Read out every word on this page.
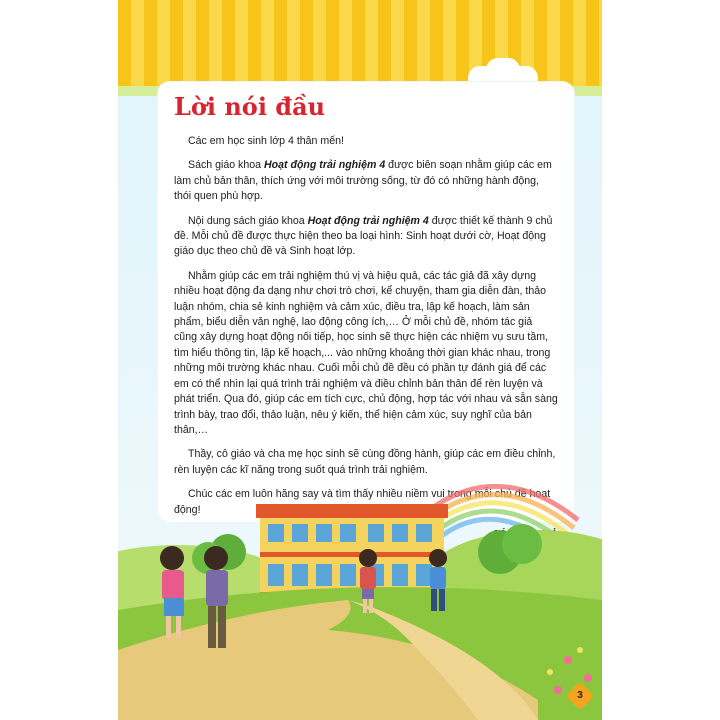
Lời nói đầu

Các em học sinh lớp 4 thân mến!

Sách giáo khoa Hoạt động trải nghiệm 4 được biên soạn nhằm giúp các em làm chủ bản thân, thích ứng với môi trường sống, từ đó có những hành động, thói quen phù hợp.

Nội dung sách giáo khoa Hoạt động trải nghiệm 4 được thiết kế thành 9 chủ đề. Mỗi chủ đề được thực hiện theo ba loại hình: Sinh hoạt dưới cờ, Hoạt động giáo dục theo chủ đề và Sinh hoạt lớp.

Nhằm giúp các em trải nghiệm thú vị và hiệu quả, các tác giả đã xây dựng nhiều hoạt động đa dạng như chơi trò chơi, kể chuyện, tham gia diễn đàn, thảo luận nhóm, chia sẻ kinh nghiệm và cảm xúc, điều tra, lập kế hoạch, làm sản phẩm, biểu diễn văn nghệ, lao động công ích,… Ở mỗi chủ đề, nhóm tác giả cũng xây dựng hoạt động nối tiếp, học sinh sẽ thực hiện các nhiệm vụ sưu tầm, tìm hiểu thông tin, lập kế hoạch,... vào những khoảng thời gian khác nhau, trong những môi trường khác nhau. Cuối mỗi chủ đề đều có phần tự đánh giá để các em có thể nhìn lại quá trình trải nghiệm và điều chỉnh bản thân để rèn luyện và phát triển. Qua đó, giúp các em tích cực, chủ động, hợp tác với nhau và sẵn sàng trình bày, trao đổi, thảo luận, nêu ý kiến, thể hiện cảm xúc, suy nghĩ của bản thân,…

Thầy, cô giáo và cha mẹ học sinh sẽ cùng đồng hành, giúp các em điều chỉnh, rèn luyện các kĩ năng trong suốt quá trình trải nghiệm.

Chúc các em luôn hăng say và tìm thấy nhiều niềm vui trong mỗi chủ đề hoạt động!

3
